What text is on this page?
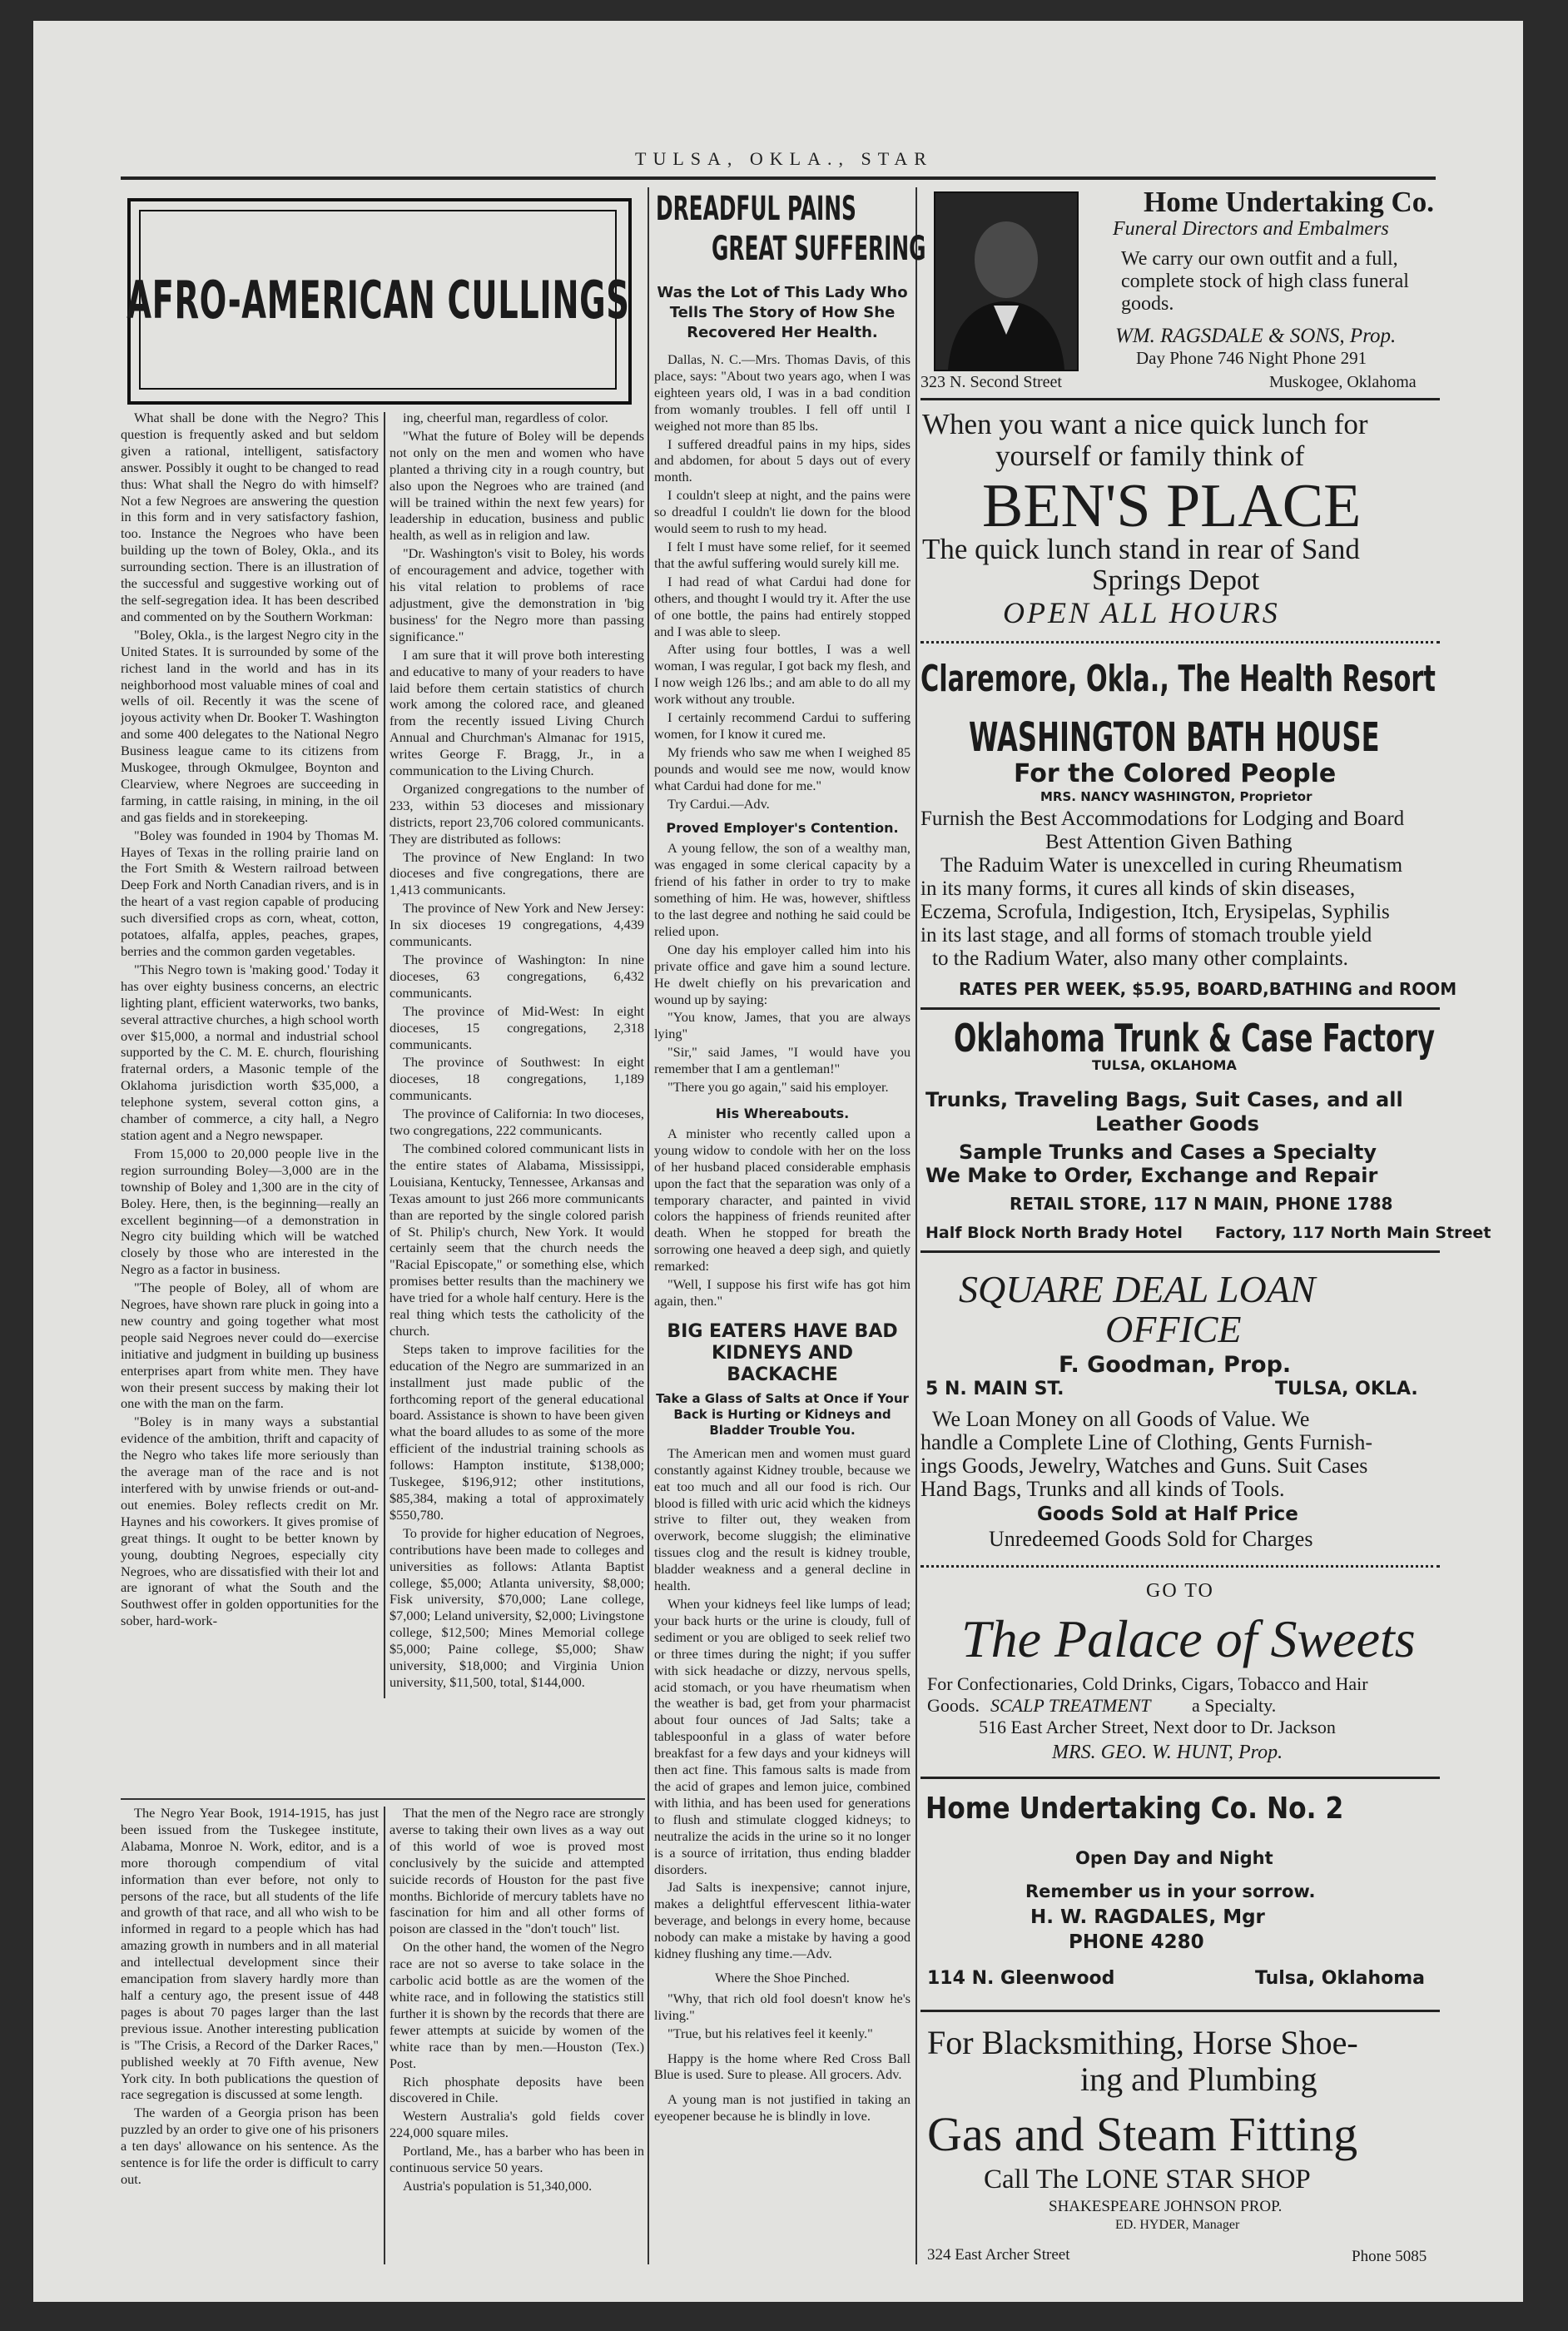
TULSA, OKLA., STAR
AFRO-AMERICAN CULLINGS

What shall be done with the Negro? This question is frequently asked and but seldom given a rational, intelligent, satisfactory answer. Possibly it ought to be changed to read thus: What shall the Negro do with himself? Not a few Negroes are answering the question in this form and in very satisfactory fashion, too. Instance the Negroes who have been building up the town of Boley, Okla., and its surrounding section. There is an illustration of the successful and suggestive working out of the self-segregation idea. It has been described and commented on by the Southern Workman:

"Boley, Okla., is the largest Negro city in the United States. It is surrounded by some of the richest land in the world and has in its neighborhood most valuable mines of coal and wells of oil. Recently it was the scene of joyous activity when Dr. Booker T. Washington and some 400 delegates to the National Negro Business league came to its citizens from Muskogee, through Okmulgee, Boynton and Clearview, where Negroes are succeeding in farming, in cattle raising, in mining, in the oil and gas fields and in storekeeping.

"Boley was founded in 1904 by Thomas M. Hayes of Texas in the rolling prairie land on the Fort Smith & Western railroad between Deep Fork and North Canadian rivers, and is in the heart of a vast region capable of producing such diversified crops as corn, wheat, cotton, potatoes, alfalfa, apples, peaches, grapes, berries and the common garden vegetables.

"This Negro town is 'making good.' Today it has over eighty business concerns, an electric lighting plant, efficient waterworks, two banks, several attractive churches, a high school worth over $15,000, a normal and industrial school supported by the C. M. E. church, flourishing fraternal orders, a Masonic temple of the Oklahoma jurisdiction worth $35,000, a telephone system, several cotton gins, a chamber of commerce, a city hall, a Negro station agent and a Negro newspaper.

From 15,000 to 20,000 people live in the region surrounding Boley—3,000 are in the township of Boley and 1,300 are in the city of Boley. Here, then, is the beginning—really an excellent beginning—of a demonstration in Negro city building which will be watched closely by those who are interested in the Negro as a factor in business.

"The people of Boley, all of whom are Negroes, have shown rare pluck in going into a new country and going together what most people said Negroes never could do—exercise initiative and judgment in building up business enterprises apart from white men. They have won their present success by making their lot one with the man on the farm.

"Boley is in many ways a substantial evidence of the ambition, thrift and capacity of the Negro who takes life more seriously than the average man of the race and is not interfered with by unwise friends or out-and-out enemies. Boley reflects credit on Mr. Haynes and his coworkers. It gives promise of great things. It ought to be better known by young, doubting Negroes, especially city Negroes, who are dissatisfied with their lot and are ignorant of what the South and the Southwest offer in golden opportunities for the sober, hard-work-

ing, cheerful man, regardless of color.

"What the future of Boley will be depends not only on the men and women who have planted a thriving city in a rough country, but also upon the Negroes who are trained (and will be trained within the next few years) for leadership in education, business and public health, as well as in religion and law.

"Dr. Washington's visit to Boley, his words of encouragement and advice, together with his vital relation to problems of race adjustment, give the demonstration in 'big business' for the Negro more than passing significance."

I am sure that it will prove both interesting and educative to many of your readers to have laid before them certain statistics of church work among the colored race, and gleaned from the recently issued Living Church Annual and Churchman's Almanac for 1915, writes George F. Bragg, Jr., in a communication to the Living Church.

Organized congregations to the number of 233, within 53 dioceses and missionary districts, report 23,706 colored communicants. They are distributed as follows:

The province of New England: In two dioceses and five congregations, there are 1,413 communicants.

The province of New York and New Jersey: In six dioceses 19 congregations, 4,439 communicants.

The province of Washington: In nine dioceses, 63 congregations, 6,432 communicants.

The province of Mid-West: In eight dioceses, 15 congregations, 2,318 communicants.

The province of Southwest: In eight dioceses, 18 congregations, 1,189 communicants.

The province of California: In two dioceses, two congregations, 222 communicants.

The combined colored communicant lists in the entire states of Alabama, Mississippi, Louisiana, Kentucky, Tennessee, Arkansas and Texas amount to just 266 more communicants than are reported by the single colored parish of St. Philip's church, New York. It would certainly seem that the church needs the "Racial Episcopate," or something else, which promises better results than the machinery we have tried for a whole half century. Here is the real thing which tests the catholicity of the church.

Steps taken to improve facilities for the education of the Negro are summarized in an installment just made public of the forthcoming report of the general educational board. Assistance is shown to have been given what the board alludes to as some of the more efficient of the industrial training schools as follows: Hampton institute, $138,000; Tuskegee, $196,912; other institutions, $85,384, making a total of approximately $550,780.

To provide for higher education of Negroes, contributions have been made to colleges and universities as follows: Atlanta Baptist college, $5,000; Atlanta university, $8,000; Fisk university, $70,000; Lane college, $7,000; Leland university, $2,000; Livingstone college, $12,500; Mines Memorial college $5,000; Paine college, $5,000; Shaw university, $18,000; and Virginia Union university, $11,500, total, $144,000.

The Negro Year Book, 1914-1915, has just been issued from the Tuskegee institute, Alabama, Monroe N. Work, editor, and is a more thorough compendium of vital information than ever before, not only to persons of the race, but all students of the life and growth of that race, and all who wish to be informed in regard to a people which has had amazing growth in numbers and in all material and intellectual development since their emancipation from slavery hardly more than half a century ago, the present issue of 448 pages is about 70 pages larger than the last previous issue. Another interesting publication is "The Crisis, a Record of the Darker Races," published weekly at 70 Fifth avenue, New York city. In both publications the question of race segregation is discussed at some length.

The warden of a Georgia prison has been puzzled by an order to give one of his prisoners a ten days' allowance on his sentence. As the sentence is for life the order is difficult to carry out.

That the men of the Negro race are strongly averse to taking their own lives as a way out of this world of woe is proved most conclusively by the suicide and attempted suicide records of Houston for the past five months. Bichloride of mercury tablets have no fascination for him and all other forms of poison are classed in the "don't touch" list.

On the other hand, the women of the Negro race are not so averse to take solace in the carbolic acid bottle as are the women of the white race, and in following the statistics still further it is shown by the records that there are fewer attempts at suicide by women of the white race than by men.—Houston (Tex.) Post.

Rich phosphate deposits have been discovered in Chile.

Western Australia's gold fields cover 224,000 square miles.

Portland, Me., has a barber who has been in continuous service 50 years.

Austria's population is 51,340,000.

DREADFUL PAINS
GREAT SUFFERING
Was the Lot of This Lady Who Tells The Story of How She Recovered Her Health.

Dallas, N. C.—Mrs. Thomas Davis, of this place, says: "About two years ago, when I was eighteen years old, I was in a bad condition from womanly troubles. I fell off until I weighed not more than 85 lbs.

I suffered dreadful pains in my hips, sides and abdomen, for about 5 days out of every month.

I couldn't sleep at night, and the pains were so dreadful I couldn't lie down for the blood would seem to rush to my head.

I felt I must have some relief, for it seemed that the awful suffering would surely kill me.

I had read of what Cardui had done for others, and thought I would try it. After the use of one bottle, the pains had entirely stopped and I was able to sleep.

After using four bottles, I was a well woman, I was regular, I got back my flesh, and I now weigh 126 lbs.; and am able to do all my work without any trouble.

I certainly recommend Cardui to suffering women, for I know it cured me.

My friends who saw me when I weighed 85 pounds and would see me now, would know what Cardui had done for me."

Try Cardui.—Adv.

Proved Employer's Contention.

A young fellow, the son of a wealthy man, was engaged in some clerical capacity by a friend of his father in order to try to make something of him. He was, however, shiftless to the last degree and nothing he said could be relied upon.

One day his employer called him into his private office and gave him a sound lecture. He dwelt chiefly on his prevarication and wound up by saying:

"You know, James, that you are always lying"

"Sir," said James, "I would have you remember that I am a gentleman!"

"There you go again," said his employer.

His Whereabouts.

A minister who recently called upon a young widow to condole with her on the loss of her husband placed considerable emphasis upon the fact that the separation was only of a temporary character, and painted in vivid colors the happiness of friends reunited after death. When he stopped for breath the sorrowing one heaved a deep sigh, and quietly remarked:

"Well, I suppose his first wife has got him again, then."

BIG EATERS HAVE BAD KIDNEYS AND BACKACHE
Take a Glass of Salts at Once if Your Back is Hurting or Kidneys and Bladder Trouble You.

The American men and women must guard constantly against Kidney trouble, because we eat too much and all our food is rich. Our blood is filled with uric acid which the kidneys strive to filter out, they weaken from overwork, become sluggish; the eliminative tissues clog and the result is kidney trouble, bladder weakness and a general decline in health.

When your kidneys feel like lumps of lead; your back hurts or the urine is cloudy, full of sediment or you are obliged to seek relief two or three times during the night; if you suffer with sick headache or dizzy, nervous spells, acid stomach, or you have rheumatism when the weather is bad, get from your pharmacist about four ounces of Jad Salts; take a tablespoonful in a glass of water before breakfast for a few days and your kidneys will then act fine. This famous salts is made from the acid of grapes and lemon juice, combined with lithia, and has been used for generations to flush and stimulate clogged kidneys; to neutralize the acids in the urine so it no longer is a source of irritation, thus ending bladder disorders.

Jad Salts is inexpensive; cannot injure, makes a delightful effervescent lithia-water beverage, and belongs in every home, because nobody can make a mistake by having a good kidney flushing any time.—Adv.

Where the Shoe Pinched.

"Why, that rich old fool doesn't know he's living."

"True, but his relatives feel it keenly."

Happy is the home where Red Cross Ball Blue is used. Sure to please. All grocers. Adv.

A young man is not justified in taking an eyeopener because he is blindly in love.

Home Undertaking Co.
Funeral Directors and Embalmers
We carry our own outfit and a full, complete stock of high class funeral goods.
WM. RAGSDALE & SONS, Prop.
Day Phone 746 Night Phone 291
323 N. Second Street	Muskogee, Oklahoma
When you want a nice quick lunch for
yourself or family think of
BEN'S PLACE
The quick lunch stand in rear of Sand
Springs Depot
OPEN ALL HOURS
Claremore, Okla., The Health Resort
WASHINGTON BATH HOUSE
For the Colored People
MRS. NANCY WASHINGTON, Proprietor
Furnish the Best Accommodations for Lodging and Board
Best Attention Given Bathing
The Raduim Water is unexcelled in curing Rheumatism
in its many forms, it cures all kinds of skin diseases,
Eczema, Scrofula, Indigestion, Itch, Erysipelas, Syphilis
in its last stage, and all forms of stomach trouble yield
to the Radium Water, also many other complaints.
RATES PER WEEK, $5.95, BOARD,BATHING and ROOM
Oklahoma Trunk & Case Factory
TULSA, OKLAHOMA
Trunks, Traveling Bags, Suit Cases, and all
Leather Goods
Sample Trunks and Cases a Specialty
We Make to Order, Exchange and Repair
RETAIL STORE, 117 N MAIN, PHONE 1788
Half Block North Brady Hotel Factory, 117 North Main Street
SQUARE DEAL LOAN
OFFICE
F. Goodman, Prop.
5 N. MAIN ST.	TULSA, OKLA.
We Loan Money on all Goods of Value. We
handle a Complete Line of Clothing, Gents Furnish-
ings Goods, Jewelry, Watches and Guns. Suit Cases
Hand Bags, Trunks and all kinds of Tools.
Goods Sold at Half Price
Unredeemed Goods Sold for Charges
GO TO
The Palace of Sweets
For Confectionaries, Cold Drinks, Cigars, Tobacco and Hair
Goods. SCALP TREATMENT a Specialty.
516 East Archer Street, Next door to Dr. Jackson
MRS. GEO. W. HUNT, Prop.
Home Undertaking Co. No. 2
Open Day and Night
Remember us in your sorrow.
H. W. RAGDALES, Mgr
PHONE 4280
114 N. Gleenwood	Tulsa, Oklahoma
For Blacksmithing, Horse Shoe-
ing and Plumbing
Gas and Steam Fitting
Call The LONE STAR SHOP
SHAKESPEARE JOHNSON PROP.
ED. HYDER, Manager
324 East Archer Street	Phone 5085
